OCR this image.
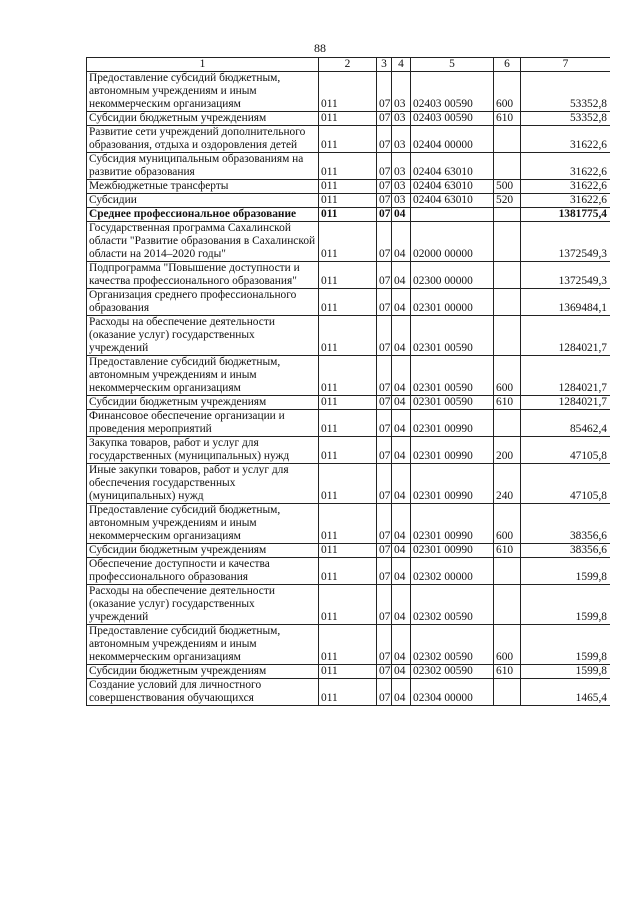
88
1	2	3	4	5	6	7
Предоставление субсидий бюджетным, автономным учреждениям и иным некоммерческим организациям	011	07	03	02403 00590	600	53352,8
Субсидии бюджетным учреждениям	011	07	03	02403 00590	610	53352,8
Развитие сети учреждений дополнительного образования, отдыха и оздоровления детей	011	07	03	02404 00000		31622,6
Субсидия муниципальным образованиям на развитие образования	011	07	03	02404 63010		31622,6
Межбюджетные трансферты	011	07	03	02404 63010	500	31622,6
Субсидии	011	07	03	02404 63010	520	31622,6
Среднее профессиональное образование	011	07	04			1381775,4
Государственная программа Сахалинской области "Развитие образования в Сахалинской области на 2014–2020 годы"	011	07	04	02000 00000		1372549,3
Подпрограмма "Повышение доступности и качества профессионального образования"	011	07	04	02300 00000		1372549,3
Организация среднего профессионального образования	011	07	04	02301 00000		1369484,1
Расходы на обеспечение деятельности (оказание услуг) государственных учреждений	011	07	04	02301 00590		1284021,7
Предоставление субсидий бюджетным, автономным учреждениям и иным некоммерческим организациям	011	07	04	02301 00590	600	1284021,7
Субсидии бюджетным учреждениям	011	07	04	02301 00590	610	1284021,7
Финансовое обеспечение организации и проведения мероприятий	011	07	04	02301 00990		85462,4
Закупка товаров, работ и услуг для государственных (муниципальных) нужд	011	07	04	02301 00990	200	47105,8
Иные закупки товаров, работ и услуг для обеспечения государственных (муниципальных) нужд	011	07	04	02301 00990	240	47105,8
Предоставление субсидий бюджетным, автономным учреждениям и иным некоммерческим организациям	011	07	04	02301 00990	600	38356,6
Субсидии бюджетным учреждениям	011	07	04	02301 00990	610	38356,6
Обеспечение доступности и качества профессионального образования	011	07	04	02302 00000		1599,8
Расходы на обеспечение деятельности (оказание услуг) государственных учреждений	011	07	04	02302 00590		1599,8
Предоставление субсидий бюджетным, автономным учреждениям и иным некоммерческим организациям	011	07	04	02302 00590	600	1599,8
Субсидии бюджетным учреждениям	011	07	04	02302 00590	610	1599,8
Создание условий для личностного совершенствования обучающихся	011	07	04	02304 00000		1465,4
